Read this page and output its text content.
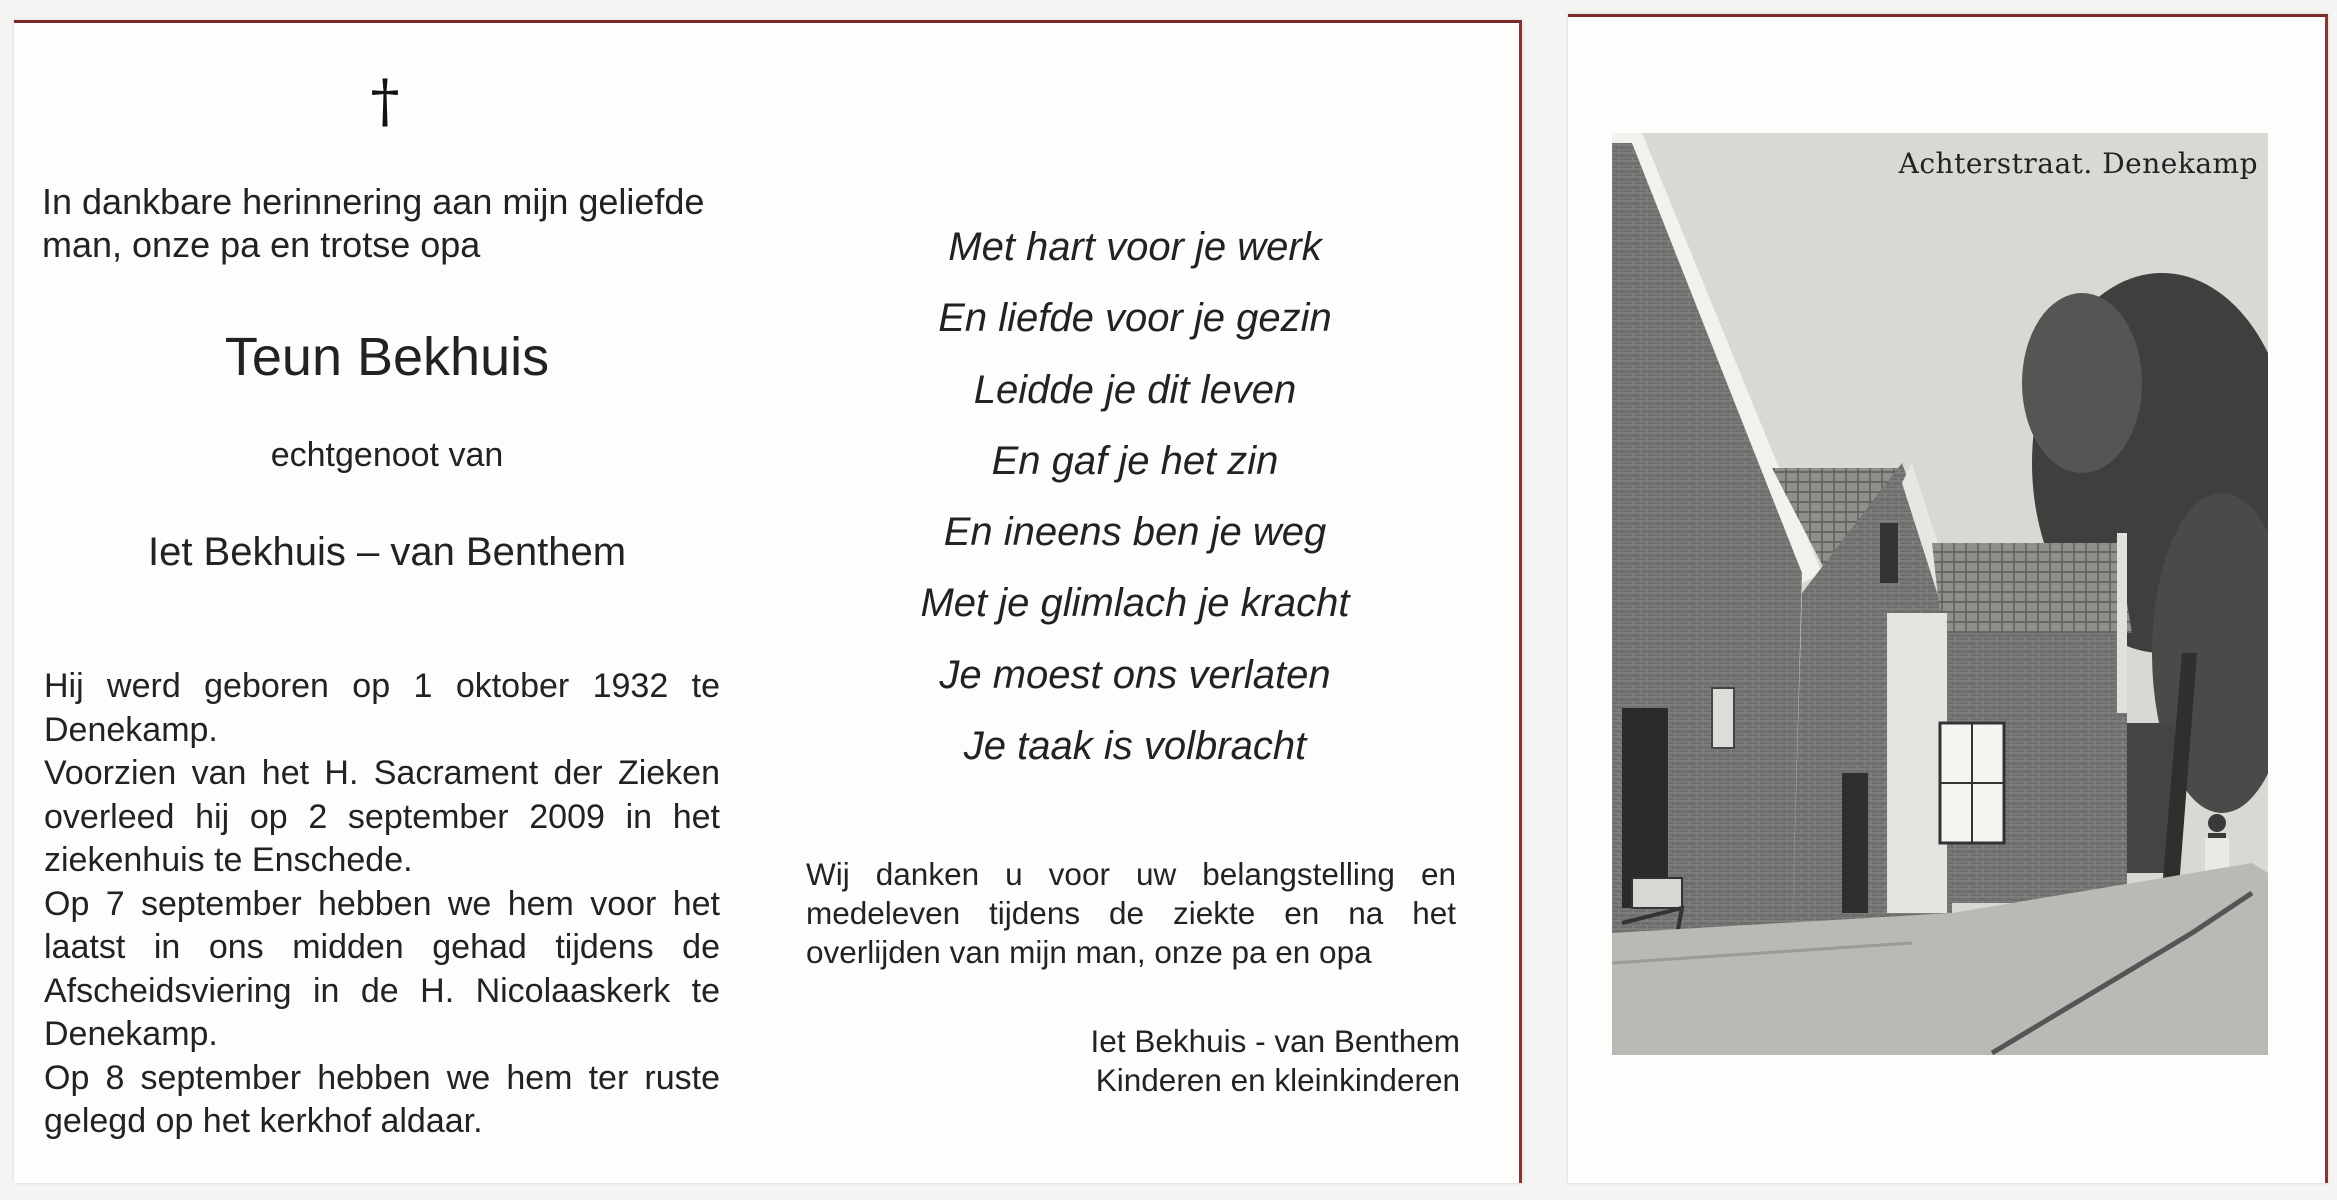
†
In dankbare herinnering aan mijn geliefde man, onze pa en trotse opa
Teun Bekhuis
echtgenoot van
Iet Bekhuis – van Benthem

Hij werd geboren op 1 oktober 1932 te Denekamp.

Voorzien van het H. Sacrament der Zieken overleed hij op 2 september 2009 in het ziekenhuis te Enschede.

Op 7 september hebben we hem voor het laatst in ons midden gehad tijdens de Afscheidsviering in de H. Nicolaaskerk te Denekamp.

Op 8 september hebben we hem ter ruste gelegd op het kerkhof aldaar.

Met hart voor je werk
En liefde voor je gezin
Leidde je dit leven
En gaf je het zin
En ineens ben je weg
Met je glimlach je kracht
Je moest ons verlaten
Je taak is volbracht
Wij danken u voor uw belangstelling en medeleven tijdens de ziekte en na het overlijden van mijn man, onze pa en opa
Iet Bekhuis - van Benthem
Kinderen en kleinkinderen
Achterstraat. Denekamp
